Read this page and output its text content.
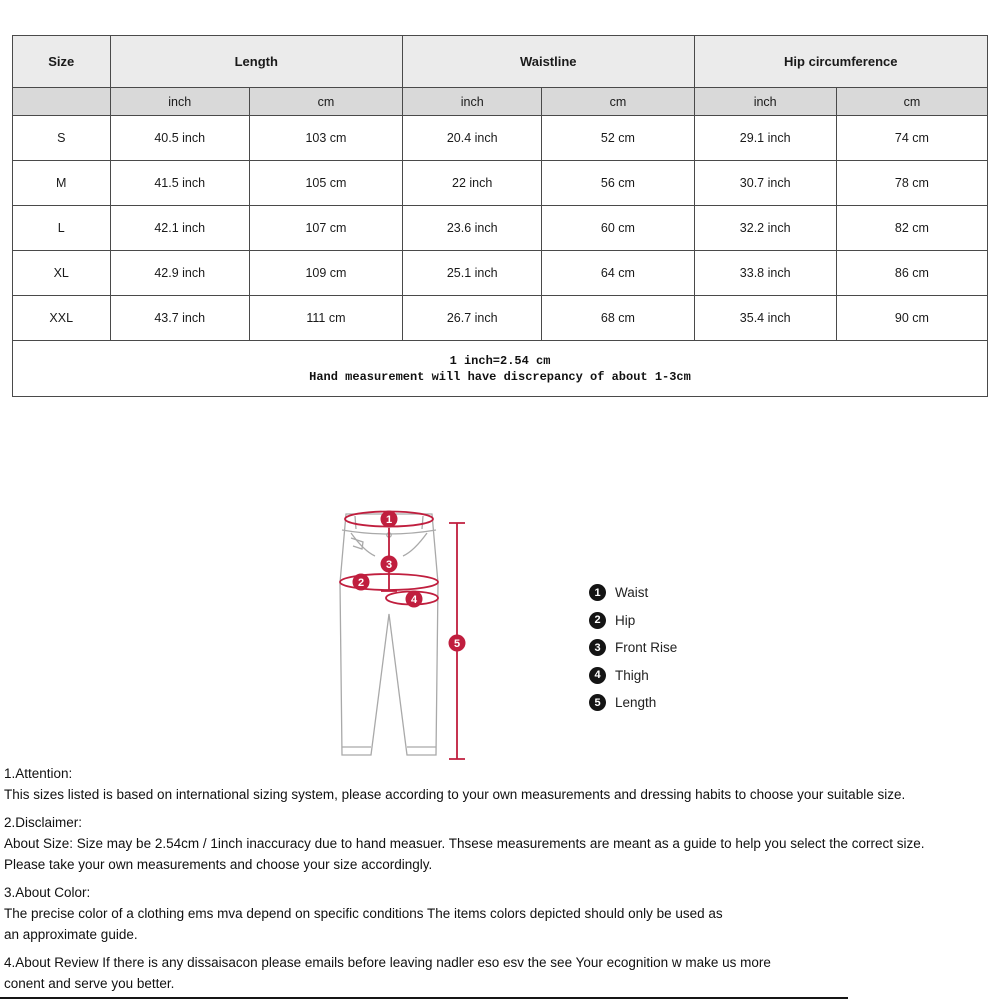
Size	Length		Waistline		Hip circumference	
	inch	cm	inch	cm	inch	cm
S	40.5 inch	103 cm	20.4 inch	52 cm	29.1 inch	74 cm
M	41.5 inch	105 cm	22 inch	56 cm	30.7 inch	78 cm
L	42.1 inch	107 cm	23.6 inch	60 cm	32.2 inch	82 cm
XL	42.9 inch	109 cm	25.1 inch	64 cm	33.8 inch	86 cm
XXL	43.7 inch	111 cm	26.7 inch	68 cm	35.4 inch	90 cm

1 inch=2.54 cm
Hand measurement will have discrepancy of about 1-3cm						
1
2
3
4
5
1	Waist
2	Hip
3	Front Rise
4	Thigh
5	Length
1.Attention:
This sizes listed is based on international sizing system, please according to your own measurements and dressing habits to choose your suitable size.
2.Disclaimer:
About Size: Size may be 2.54cm / 1inch inaccuracy due to hand measuer. Thsese measurements are meant as a guide to help you select the correct size.
Please take your own measurements and choose your size accordingly.
3.About Color:
The precise color of a clothing ems mva depend on specific conditions The items colors depicted should only be used as
an approximate guide.
4.About Review If there is any dissaisacon please emails before leaving nadler eso esv the see Your ecognition w make us more
conent and serve you better.
